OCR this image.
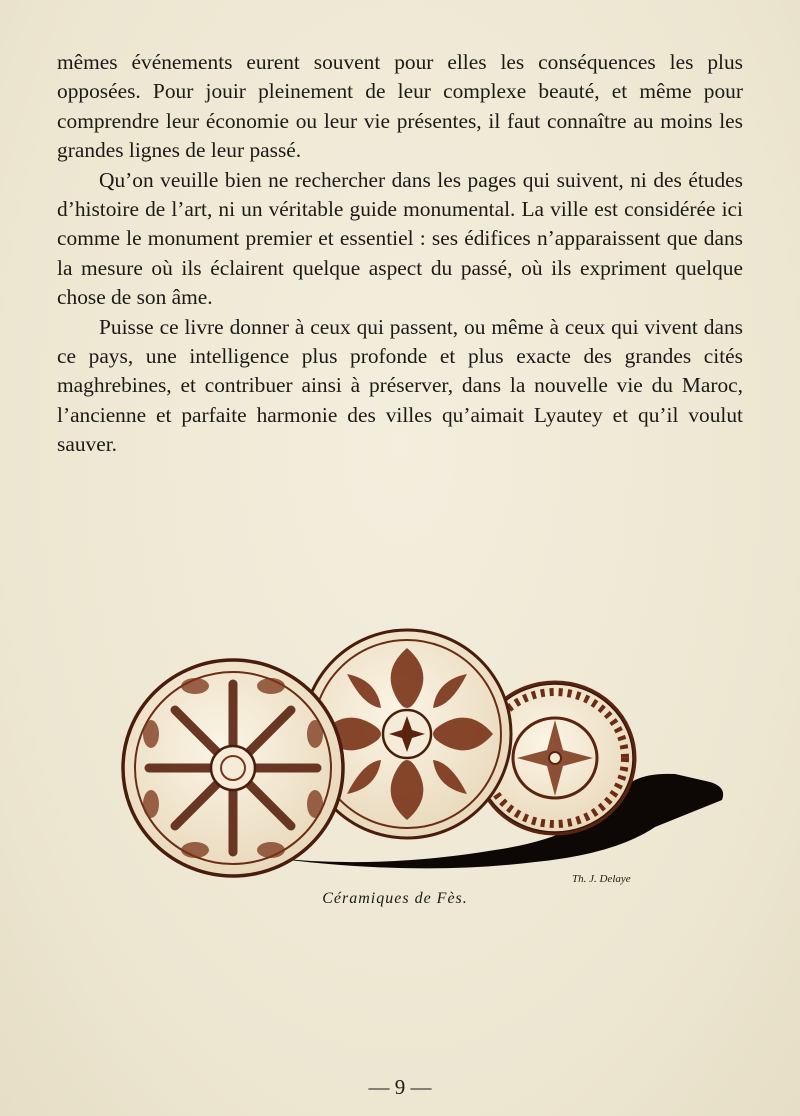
mêmes événements eurent souvent pour elles les conséquences les plus opposées. Pour jouir pleinement de leur complexe beauté, et même pour comprendre leur économie ou leur vie présentes, il faut connaître au moins les grandes lignes de leur passé.

Qu’on veuille bien ne rechercher dans les pages qui suivent, ni des études d’histoire de l’art, ni un véritable guide monumental. La ville est considérée ici comme le monument premier et essentiel : ses édifices n’apparaissent que dans la mesure où ils éclairent quelque aspect du passé, où ils expriment quelque chose de son âme.

Puisse ce livre donner à ceux qui passent, ou même à ceux qui vivent dans ce pays, une intelligence plus profonde et plus exacte des grandes cités maghrebines, et contribuer ainsi à préserver, dans la nouvelle vie du Maroc, l’ancienne et parfaite harmonie des villes qu’aimait Lyautey et qu’il voulut sauver.

Th. J. Delaye
Céramiques de Fès.
— 9 —
